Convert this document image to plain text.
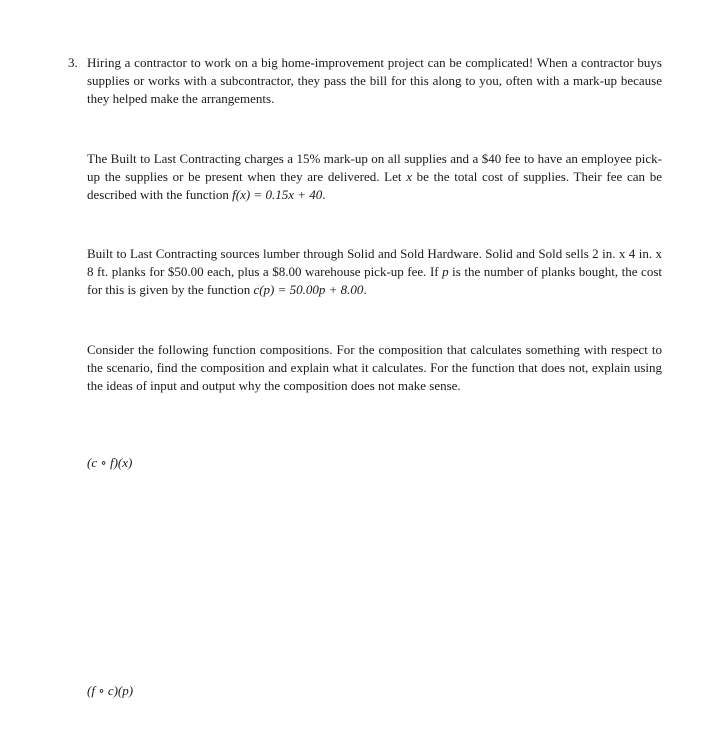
3. Hiring a contractor to work on a big home-improvement project can be complicated! When a contractor buys supplies or works with a subcontractor, they pass the bill for this along to you, often with a mark-up because they helped make the arrangements.

The Built to Last Contracting charges a 15% mark-up on all supplies and a $40 fee to have an employee pick-up the supplies or be present when they are delivered. Let x be the total cost of supplies. Their fee can be described with the function f(x) = 0.15x + 40.

Built to Last Contracting sources lumber through Solid and Sold Hardware. Solid and Sold sells 2 in. x 4 in. x 8 ft. planks for $50.00 each, plus a $8.00 warehouse pick-up fee. If p is the number of planks bought, the cost for this is given by the function c(p) = 50.00p + 8.00.

Consider the following function compositions. For the composition that calculates something with respect to the scenario, find the composition and explain what it calculates. For the function that does not, explain using the ideas of input and output why the composition does not make sense.

(c ∘ f)(x)
(f ∘ c)(p)
